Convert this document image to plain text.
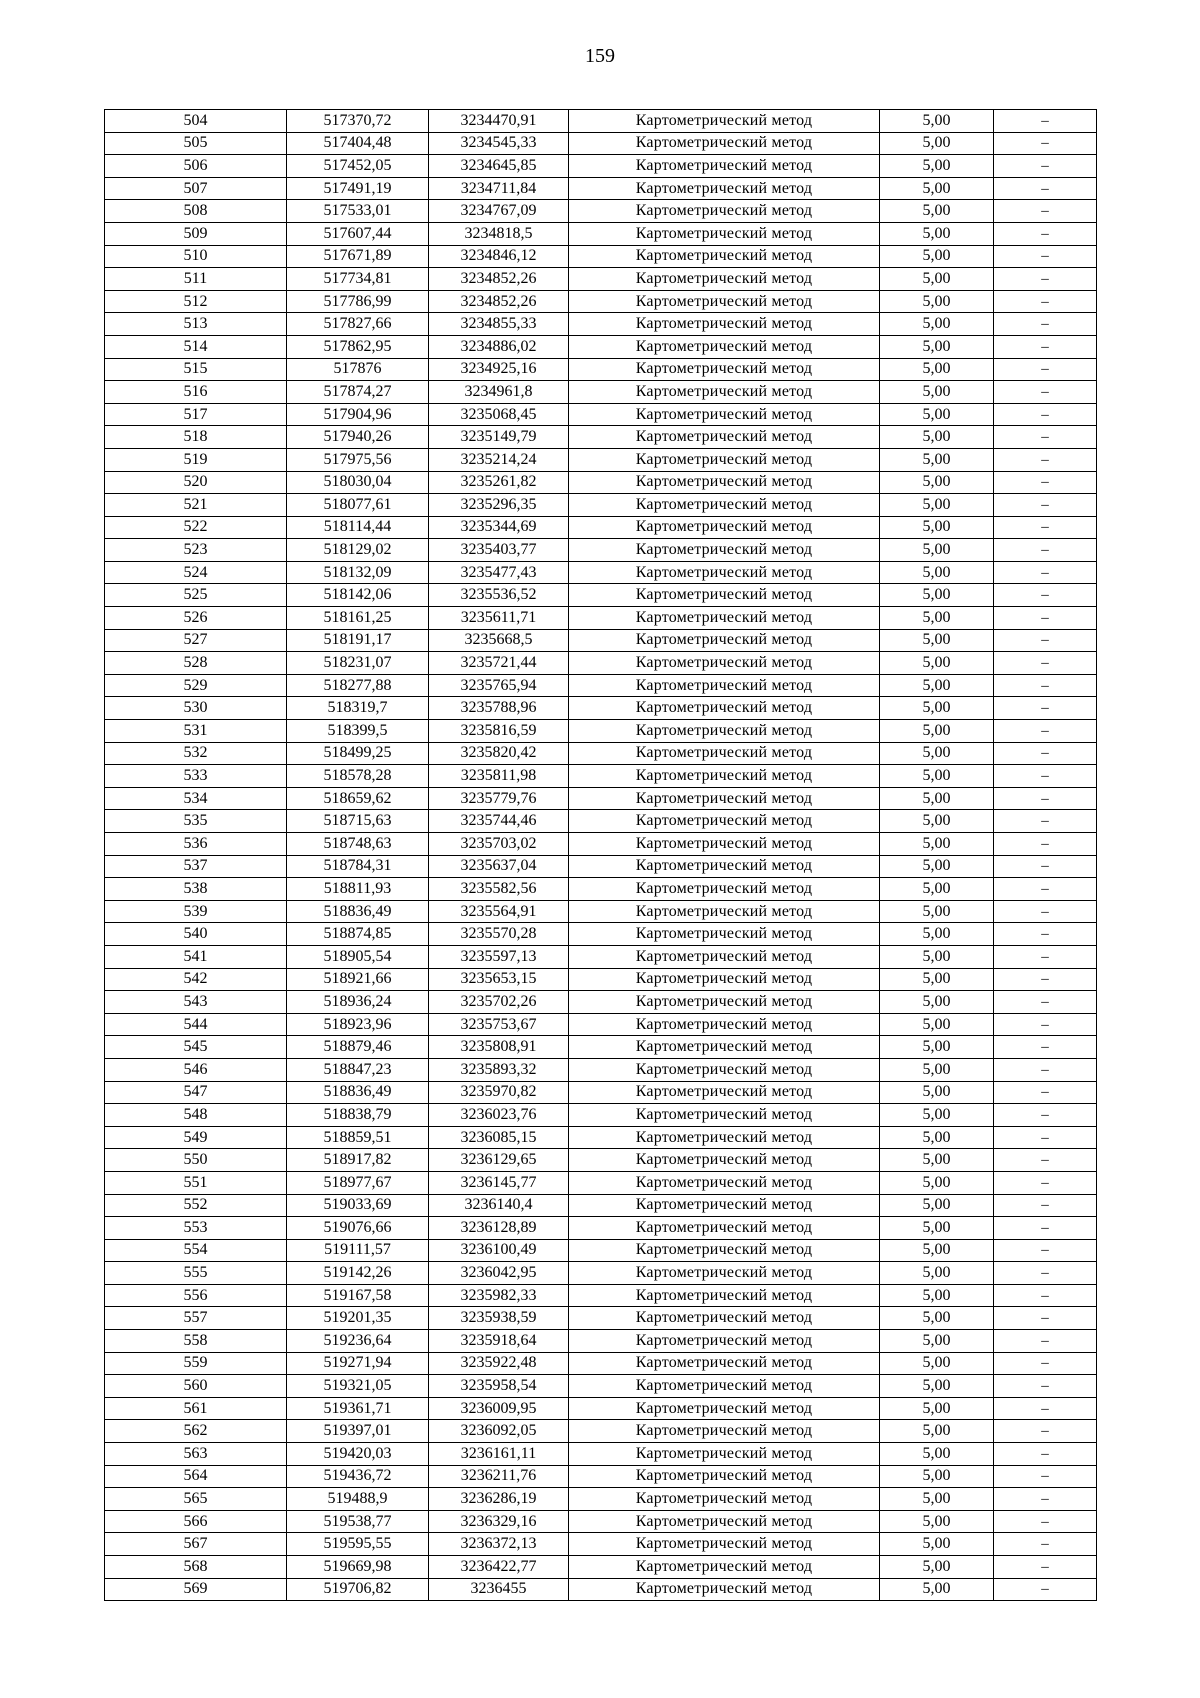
159
504	517370,72	3234470,91	Картометрический метод	5,00	–
505	517404,48	3234545,33	Картометрический метод	5,00	–
506	517452,05	3234645,85	Картометрический метод	5,00	–
507	517491,19	3234711,84	Картометрический метод	5,00	–
508	517533,01	3234767,09	Картометрический метод	5,00	–
509	517607,44	3234818,5	Картометрический метод	5,00	–
510	517671,89	3234846,12	Картометрический метод	5,00	–
511	517734,81	3234852,26	Картометрический метод	5,00	–
512	517786,99	3234852,26	Картометрический метод	5,00	–
513	517827,66	3234855,33	Картометрический метод	5,00	–
514	517862,95	3234886,02	Картометрический метод	5,00	–
515	517876	3234925,16	Картометрический метод	5,00	–
516	517874,27	3234961,8	Картометрический метод	5,00	–
517	517904,96	3235068,45	Картометрический метод	5,00	–
518	517940,26	3235149,79	Картометрический метод	5,00	–
519	517975,56	3235214,24	Картометрический метод	5,00	–
520	518030,04	3235261,82	Картометрический метод	5,00	–
521	518077,61	3235296,35	Картометрический метод	5,00	–
522	518114,44	3235344,69	Картометрический метод	5,00	–
523	518129,02	3235403,77	Картометрический метод	5,00	–
524	518132,09	3235477,43	Картометрический метод	5,00	–
525	518142,06	3235536,52	Картометрический метод	5,00	–
526	518161,25	3235611,71	Картометрический метод	5,00	–
527	518191,17	3235668,5	Картометрический метод	5,00	–
528	518231,07	3235721,44	Картометрический метод	5,00	–
529	518277,88	3235765,94	Картометрический метод	5,00	–
530	518319,7	3235788,96	Картометрический метод	5,00	–
531	518399,5	3235816,59	Картометрический метод	5,00	–
532	518499,25	3235820,42	Картометрический метод	5,00	–
533	518578,28	3235811,98	Картометрический метод	5,00	–
534	518659,62	3235779,76	Картометрический метод	5,00	–
535	518715,63	3235744,46	Картометрический метод	5,00	–
536	518748,63	3235703,02	Картометрический метод	5,00	–
537	518784,31	3235637,04	Картометрический метод	5,00	–
538	518811,93	3235582,56	Картометрический метод	5,00	–
539	518836,49	3235564,91	Картометрический метод	5,00	–
540	518874,85	3235570,28	Картометрический метод	5,00	–
541	518905,54	3235597,13	Картометрический метод	5,00	–
542	518921,66	3235653,15	Картометрический метод	5,00	–
543	518936,24	3235702,26	Картометрический метод	5,00	–
544	518923,96	3235753,67	Картометрический метод	5,00	–
545	518879,46	3235808,91	Картометрический метод	5,00	–
546	518847,23	3235893,32	Картометрический метод	5,00	–
547	518836,49	3235970,82	Картометрический метод	5,00	–
548	518838,79	3236023,76	Картометрический метод	5,00	–
549	518859,51	3236085,15	Картометрический метод	5,00	–
550	518917,82	3236129,65	Картометрический метод	5,00	–
551	518977,67	3236145,77	Картометрический метод	5,00	–
552	519033,69	3236140,4	Картометрический метод	5,00	–
553	519076,66	3236128,89	Картометрический метод	5,00	–
554	519111,57	3236100,49	Картометрический метод	5,00	–
555	519142,26	3236042,95	Картометрический метод	5,00	–
556	519167,58	3235982,33	Картометрический метод	5,00	–
557	519201,35	3235938,59	Картометрический метод	5,00	–
558	519236,64	3235918,64	Картометрический метод	5,00	–
559	519271,94	3235922,48	Картометрический метод	5,00	–
560	519321,05	3235958,54	Картометрический метод	5,00	–
561	519361,71	3236009,95	Картометрический метод	5,00	–
562	519397,01	3236092,05	Картометрический метод	5,00	–
563	519420,03	3236161,11	Картометрический метод	5,00	–
564	519436,72	3236211,76	Картометрический метод	5,00	–
565	519488,9	3236286,19	Картометрический метод	5,00	–
566	519538,77	3236329,16	Картометрический метод	5,00	–
567	519595,55	3236372,13	Картометрический метод	5,00	–
568	519669,98	3236422,77	Картометрический метод	5,00	–
569	519706,82	3236455	Картометрический метод	5,00	–
